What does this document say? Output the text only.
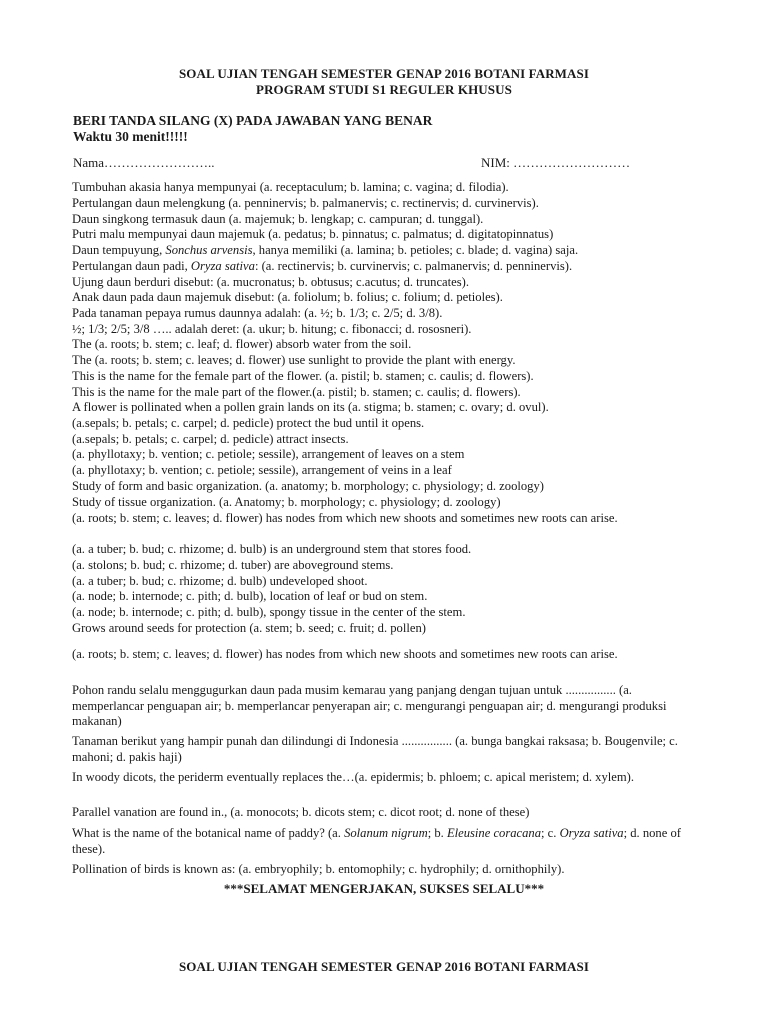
SOAL UJIAN TENGAH SEMESTER GENAP 2016 BOTANI FARMASI
PROGRAM STUDI S1 REGULER KHUSUS
BERI TANDA SILANG (X) PADA JAWABAN YANG BENAR
Waktu 30 menit!!!!!
Nama……………………..	NIM: ………………………
Tumbuhan akasia hanya mempunyai (a. receptaculum; b. lamina; c. vagina; d. filodia).
Pertulangan daun melengkung (a. penninervis; b. palmanervis; c. rectinervis; d. curvinervis).
Daun singkong termasuk daun (a. majemuk; b. lengkap; c. campuran; d. tunggal).
Putri malu mempunyai daun majemuk (a. pedatus; b. pinnatus; c. palmatus; d. digitatopinnatus)
Daun tempuyung, Sonchus arvensis, hanya memiliki (a. lamina; b. petioles; c. blade; d. vagina) saja.
Pertulangan daun padi, Oryza sativa: (a. rectinervis; b. curvinervis; c. palmanervis; d. penninervis).
Ujung daun berduri disebut: (a. mucronatus; b. obtusus; c.acutus; d. truncates).
Anak daun pada daun majemuk disebut: (a. foliolum; b. folius; c. folium; d. petioles).
Pada tanaman pepaya rumus daunnya adalah: (a. ½; b. 1/3; c. 2/5; d. 3/8).
½; 1/3; 2/5; 3/8 ….. adalah deret: (a. ukur; b. hitung; c. fibonacci; d. rososneri).
The (a. roots; b. stem; c. leaf; d. flower) absorb water from the soil.
The (a. roots; b. stem; c. leaves; d. flower) use sunlight to provide the plant with energy.
This is the name for the female part of the flower. (a. pistil; b. stamen; c. caulis; d. flowers).
This is the name for the male part of the flower.(a. pistil; b. stamen; c. caulis; d. flowers).
A flower is pollinated when a pollen grain lands on its (a. stigma; b. stamen; c. ovary; d. ovul).
(a.sepals; b. petals; c. carpel; d. pedicle) protect the bud until it opens.
(a.sepals; b. petals; c. carpel; d. pedicle) attract insects.
(a. phyllotaxy; b. vention; c. petiole; sessile), arrangement of leaves on a stem
(a. phyllotaxy; b. vention; c. petiole; sessile), arrangement of veins in a leaf
Study of form and basic organization. (a. anatomy; b. morphology; c. physiology; d. zoology)
Study of tissue organization. (a. Anatomy; b. morphology; c. physiology; d. zoology)
(a. roots; b. stem; c. leaves; d. flower) has nodes from which new shoots and sometimes new roots can arise.
(a. a tuber; b. bud; c. rhizome; d. bulb) is an underground stem that stores food.
(a. stolons; b. bud; c. rhizome; d. tuber) are aboveground stems.
(a. a tuber; b. bud; c. rhizome; d. bulb) undeveloped shoot.
(a. node; b. internode; c. pith; d. bulb), location of leaf or bud on stem.
(a. node; b. internode; c. pith; d. bulb), spongy tissue in the center of the stem.
Grows around seeds for protection (a. stem; b. seed; c. fruit; d. pollen)
(a. roots; b. stem; c. leaves; d. flower) has nodes from which new shoots and sometimes new roots can arise.
Pohon randu selalu menggugurkan daun pada musim kemarau yang panjang dengan tujuan untuk ................ (a. memperlancar penguapan air; b. memperlancar penyerapan air; c. mengurangi penguapan air; d. mengurangi produksi makanan)
Tanaman berikut yang hampir punah dan dilindungi di Indonesia ................ (a. bunga bangkai raksasa; b. Bougenvile; c. mahoni; d. pakis haji)
In woody dicots, the periderm eventually replaces the…(a. epidermis; b. phloem; c. apical meristem; d. xylem).
Parallel vanation are found in., (a. monocots; b. dicots stem; c. dicot root; d. none of these)
What is the name of the botanical name of paddy? (a. Solanum nigrum; b. Eleusine coracana; c. Oryza sativa; d. none of these).
Pollination of birds is known as: (a. embryophily; b. entomophily; c. hydrophily; d. ornithophily).
***SELAMAT MENGERJAKAN, SUKSES SELALU***
SOAL UJIAN TENGAH SEMESTER GENAP 2016 BOTANI FARMASI
